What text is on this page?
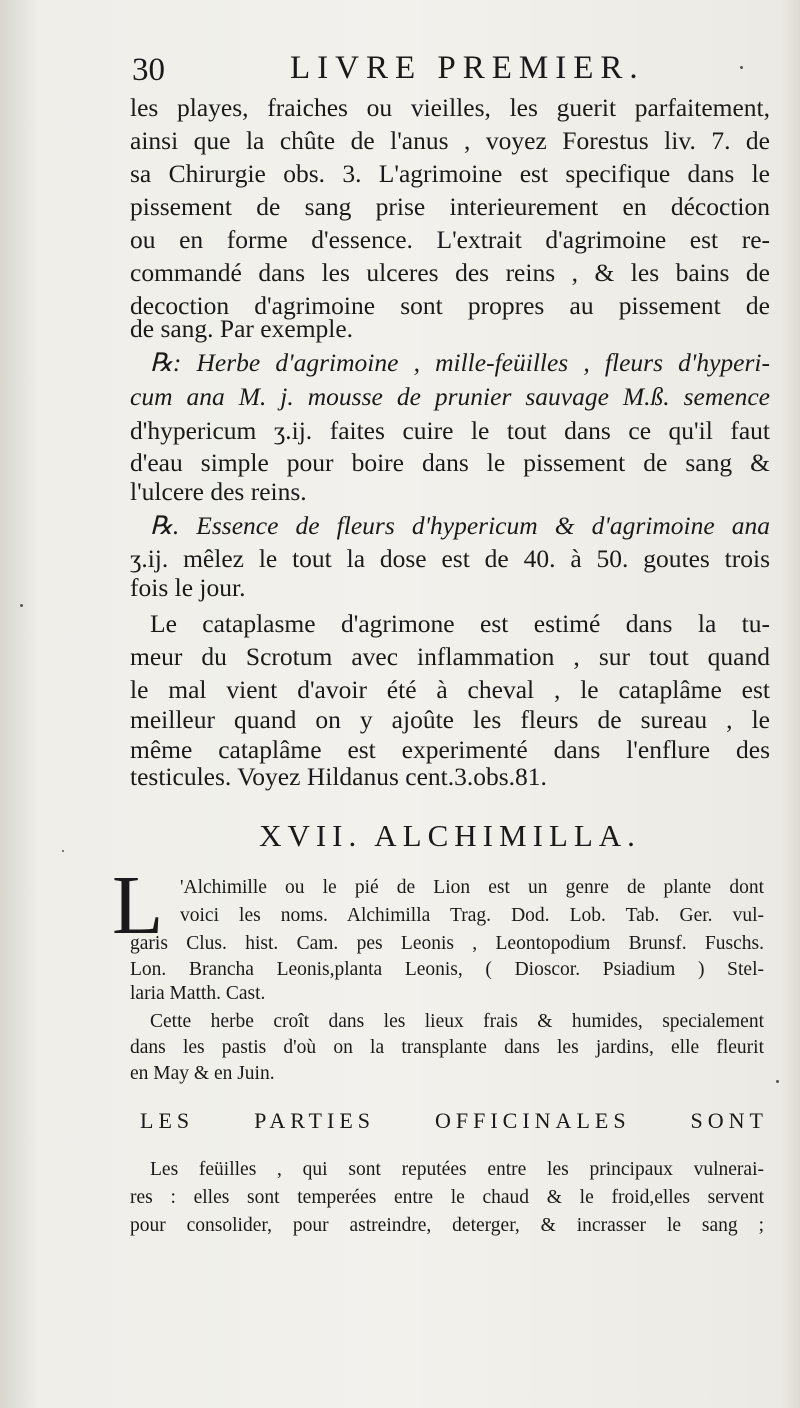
30	LIVRE PREMIER.
les playes, fraiches ou vieilles, les guerit parfaitement,
ainsi que la chûte de l'anus , voyez Forestus liv. 7. de
sa Chirurgie obs. 3. L'agrimoine est specifique dans le
pissement de sang prise interieurement en décoction
ou en forme d'essence. L'extrait d'agrimoine est re-
commandé dans les ulceres des reins , & les bains de
decoction d'agrimoine sont propres au pissement de
de sang. Par exemple.
℞: Herbe d'agrimoine , mille-feüilles , fleurs d'hyperi-
cum ana M. j. mousse de prunier sauvage M.ß. semence
d'hypericum ʒ.ij. faites cuire le tout dans ce qu'il faut
d'eau simple pour boire dans le pissement de sang &
l'ulcere des reins.
℞. Essence de fleurs d'hypericum & d'agrimoine ana
ʒ.ij. mêlez le tout la dose est de 40. à 50. goutes trois
fois le jour.
Le cataplasme d'agrimone est estimé dans la tu-
meur du Scrotum avec inflammation , sur tout quand
le mal vient d'avoir été à cheval , le cataplâme est
meilleur quand on y ajoûte les fleurs de sureau , le
même cataplâme est experimenté dans l'enflure des
testicules. Voyez Hildanus cent.3.obs.81.
XVII. ALCHIMILLA.
L 'Alchimille ou le pié de Lion est un genre de plante dont
voici les noms. Alchimilla Trag. Dod. Lob. Tab. Ger. vul-
garis Clus. hist. Cam. pes Leonis , Leontopodium Brunsf. Fuschs.
Lon. Brancha Leonis,planta Leonis, ( Dioscor. Psiadium ) Stel-
laria Matth. Cast.
Cette herbe croît dans les lieux frais & humides, specialement
dans les pastis d'où on la transplante dans les jardins, elle fleurit
en May & en Juin.
LES PARTIES OFFICINALES SONT
Les feüilles , qui sont reputées entre les principaux vulnerai-
res : elles sont temperées entre le chaud & le froid,elles servent
pour consolider, pour astreindre, deterger, & incrasser le sang ;
